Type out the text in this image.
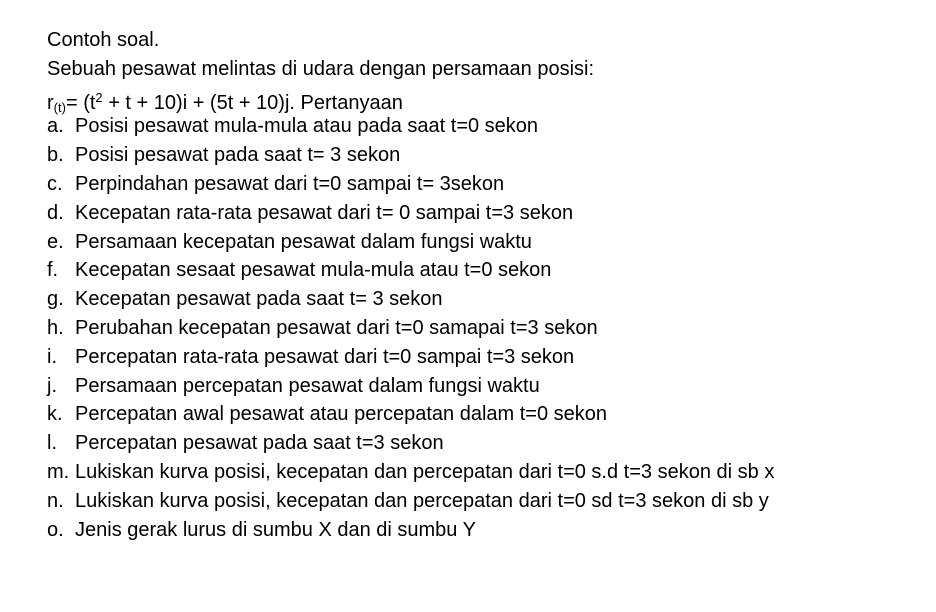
Contoh soal.
Sebuah pesawat melintas di udara dengan persamaan posisi:
$r_{(t)}= (t^2 + t + 10)i + (5t + 10)j$. Pertanyaan
a. Posisi pesawat mula-mula atau pada saat t=0 sekon
b. Posisi pesawat pada saat t= 3 sekon
c. Perpindahan pesawat dari t=0 sampai t= 3sekon
d. Kecepatan rata-rata pesawat dari t= 0 sampai t=3 sekon
e. Persamaan kecepatan pesawat dalam fungsi waktu
f. Kecepatan sesaat pesawat mula-mula atau t=0 sekon
g. Kecepatan pesawat pada saat t= 3 sekon
h. Perubahan kecepatan pesawat dari t=0 samapai t=3 sekon
i. Percepatan rata-rata pesawat dari t=0 sampai t=3 sekon
j. Persamaan percepatan pesawat dalam fungsi waktu
k. Percepatan awal pesawat atau percepatan dalam t=0 sekon
l. Percepatan pesawat pada saat t=3 sekon
m. Lukiskan kurva posisi, kecepatan dan percepatan dari t=0 s.d t=3 sekon di sb x
n. Lukiskan kurva posisi, kecepatan dan percepatan dari t=0 sd t=3 sekon di sb y
o. Jenis gerak lurus di sumbu X dan di sumbu Y
